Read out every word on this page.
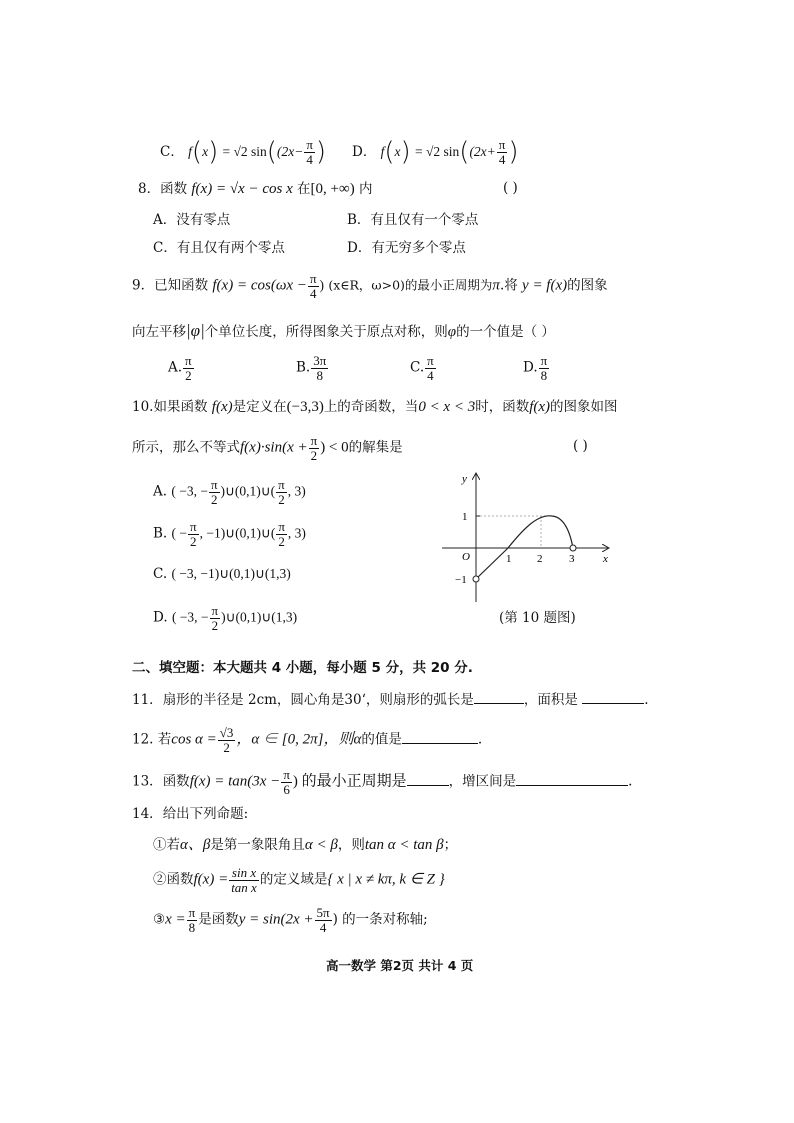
C． f(x) = √2 $\sin((2x- \frac{\pi}{4}$ ) D． f(x) = √2 $\sin((2x+ \frac{\pi}{4}$ )
8．函数 f(x) = √x − cos x 在[0, +∞) 内	( )
A．没有零点	B．有且仅有一个零点
C．有且仅有两个零点	D．有无穷多个零点
9．已知函数 $f(x) = \cos(\omega x - \frac{\pi}{4}$ ) (x∈R，ω>0)的最小正周期为π.将 y = f(x)的图象
向左平移|φ|个单位长度，所得图象关于原点对称，则φ的一个值是（ ）
A. $\frac{\pi}{2}$	B. $\frac{3\pi}{8}$	C. $\frac{\pi}{4}$	D. $\frac{\pi}{8}$
10.如果函数 f(x)是定义在(−3,3)上的奇函数，当0 < x < 3时，函数f(x)的图象如图
所示，那么不等式$f(x)\cdot\sin(x + \frac{\pi}{2}$ ) < 0的解集是	( )
A. ( −3, − $\frac{\pi}{2}$ )∪(0,1)∪( $\frac{\pi}{2}$ , 3)
B. ( − $\frac{\pi}{2}$ , −1)∪(0,1)∪( $\frac{\pi}{2}$ , 3)
C. ( −3, −1)∪(0,1)∪(1,3)
D. ( −3, − $\frac{\pi}{2}$ )∪(0,1)∪(1,3)
y
x
O	1 2 3
1
−1
(第 10 题图)
二、填空题：本大题共 4 小题，每小题 5 分，共 20 分.
11．扇形的半径是 2cm，圆心角是30‘，则扇形的弧长是	，面积是	.
12. 若$\cos \alpha = \frac{√3}{2}$ ，α ∈ [0, 2π]，则α的值是	.
13．函数$f(x) = \tan(3x - \frac{\pi}{6}$ ) 的最小正周期是	，增区间是	.
14．给出下列命题:
①若α、β是第一象限角且α < β，则tan α < tan β；
②函数$f(x) = \frac{\text{sin x}}{\text{tan x}}$ 的定义域是{ x | x ≠ kπ, k ∈ Z }
③x = $\frac{\pi}{8}$ 是函数$y = \sin(2x + \frac{5\pi}{4}$ ) 的一条对称轴;
高一数学 第2页 共计 4 页
